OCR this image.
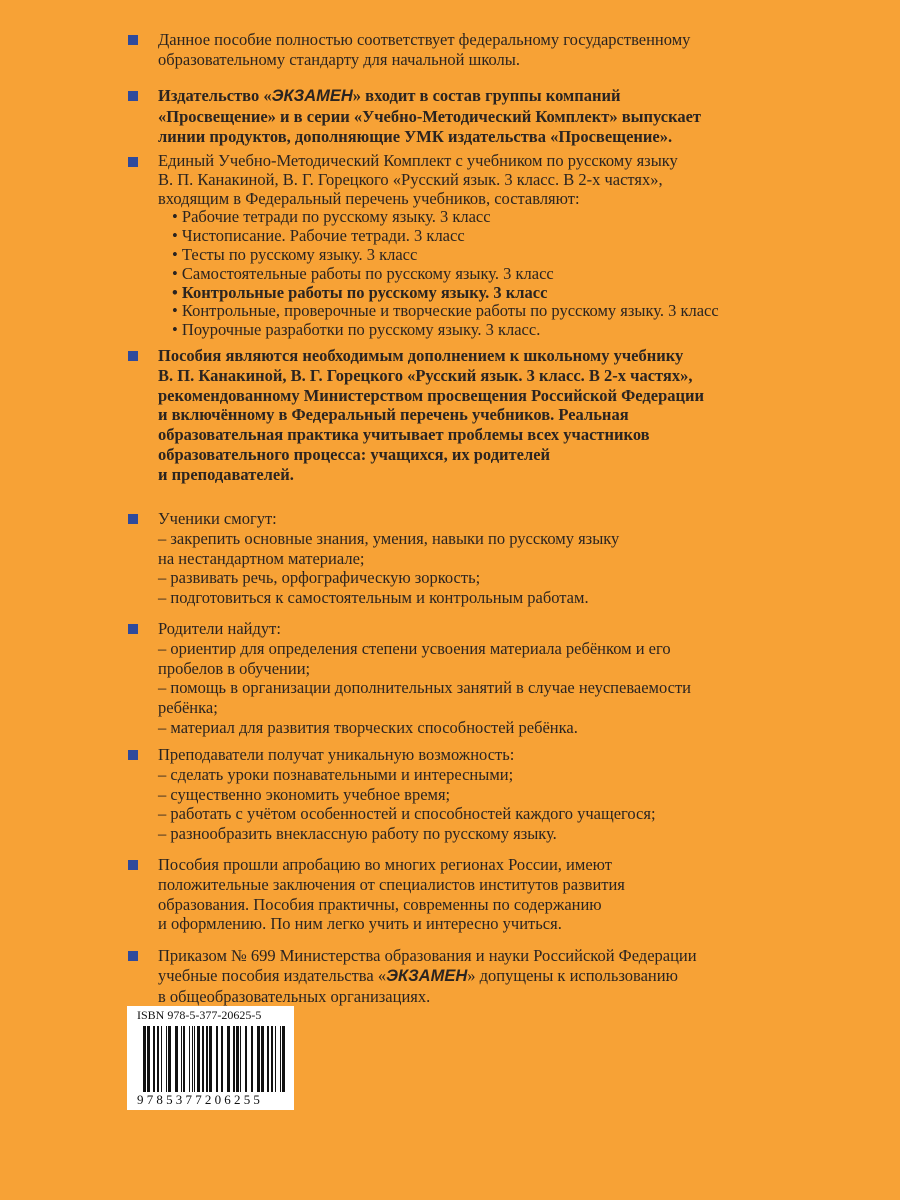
Данное пособие полностью соответствует федеральному государственному
образовательному стандарту для начальной школы.
Издательство «ЭКЗАМЕН» входит в состав группы компаний
«Просвещение» и в серии «Учебно-Методический Комплект» выпускает
линии продуктов, дополняющие УМК издательства «Просвещение».
Единый Учебно-Методический Комплект с учебником по русскому языку
В. П. Канакиной, В. Г. Горецкого «Русский язык. 3 класс. В 2-х частях»,
входящим в Федеральный перечень учебников, составляют:
• Рабочие тетради по русскому языку. 3 класс
• Чистописание. Рабочие тетради. 3 класс
• Тесты по русскому языку. 3 класс
• Самостоятельные работы по русскому языку. 3 класс
• Контрольные работы по русскому языку. 3 класс
• Контрольные, проверочные и творческие работы по русскому языку. 3 класс
• Поурочные разработки по русскому языку. 3 класс.
Пособия являются необходимым дополнением к школьному учебнику
В. П. Канакиной, В. Г. Горецкого «Русский язык. 3 класс. В 2-х частях»,
рекомендованному Министерством просвещения Российской Федерации
и включённому в Федеральный перечень учебников. Реальная
образовательная практика учитывает проблемы всех участников
образовательного процесса: учащихся, их родителей
и преподавателей.
Ученики смогут:
– закрепить основные знания, умения, навыки по русскому языку
на нестандартном материале;
– развивать речь, орфографическую зоркость;
– подготовиться к самостоятельным и контрольным работам.
Родители найдут:
– ориентир для определения степени усвоения материала ребёнком и его
пробелов в обучении;
– помощь в организации дополнительных занятий в случае неуспеваемости
ребёнка;
– материал для развития творческих способностей ребёнка.
Преподаватели получат уникальную возможность:
– сделать уроки познавательными и интересными;
– существенно экономить учебное время;
– работать с учётом особенностей и способностей каждого учащегося;
– разнообразить внеклассную работу по русскому языку.
Пособия прошли апробацию во многих регионах России, имеют
положительные заключения от специалистов институтов развития
образования. Пособия практичны, современны по содержанию
и оформлению. По ним легко учить и интересно учиться.
Приказом № 699 Министерства образования и науки Российской Федерации
учебные пособия издательства «ЭКЗАМЕН» допущены к использованию
в общеобразовательных организациях.
ISBN 978-5-377-20625-5
9785377206255
